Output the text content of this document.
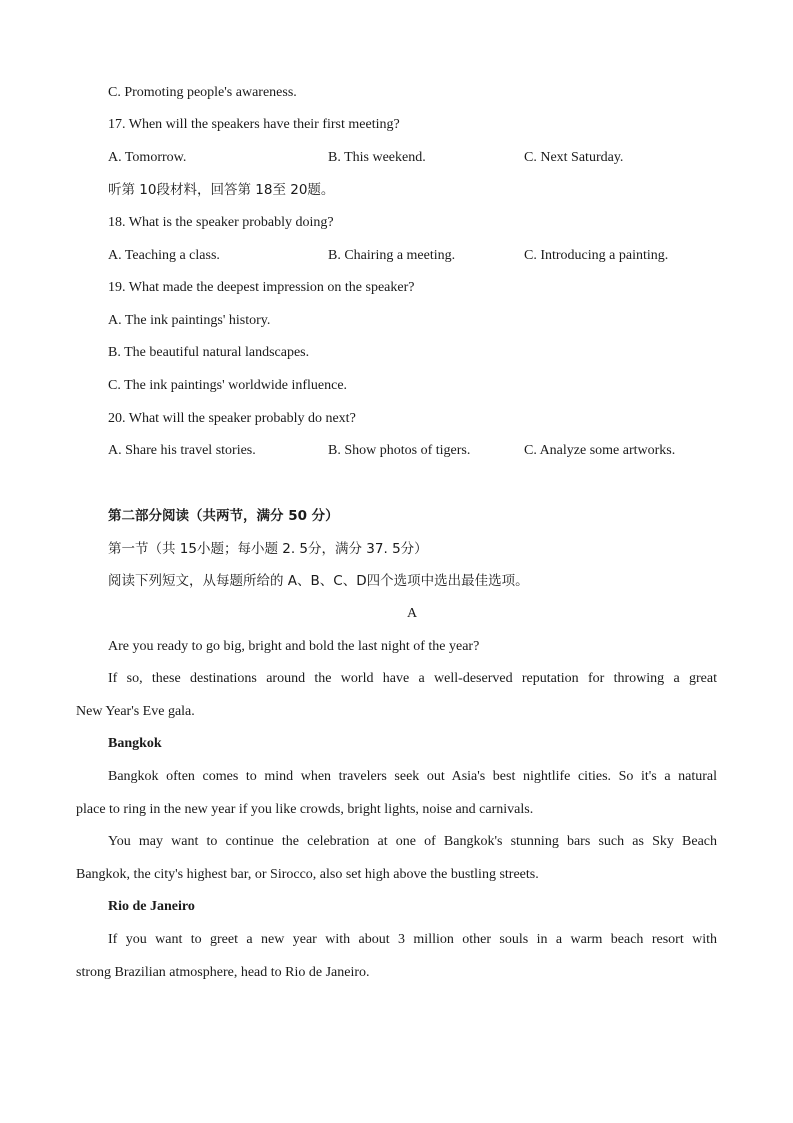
C. Promoting people's awareness.
17. When will the speakers have their first meeting?
A. Tomorrow.	B. This weekend.	C. Next Saturday.
听第 10段材料，回答第 18至 20题。
18. What is the speaker probably doing?
A. Teaching a class.	B. Chairing a meeting.	C. Introducing a painting.
19. What made the deepest impression on the speaker?
A. The ink paintings' history.
B. The beautiful natural landscapes.
C. The ink paintings' worldwide influence.
20. What will the speaker probably do next?
A. Share his travel stories.	B. Show photos of tigers.	C. Analyze some artworks.
第二部分阅读（共两节，满分 50 分）
第一节（共 15小题；每小题 2. 5分，满分 37. 5分）
阅读下列短文，从每题所给的 A、B、C、D四个选项中选出最佳选项。
A
Are you ready to go big, bright and bold the last night of the year?
If so, these destinations around the world have a well-deserved reputation for throwing a great
New Year's Eve gala.
Bangkok
Bangkok often comes to mind when travelers seek out Asia's best nightlife cities. So it's a natural
place to ring in the new year if you like crowds, bright lights, noise and carnivals.
You may want to continue the celebration at one of Bangkok's stunning bars such as Sky Beach
Bangkok, the city's highest bar, or Sirocco, also set high above the bustling streets.
Rio de Janeiro
If you want to greet a new year with about 3 million other souls in a warm beach resort with
strong Brazilian atmosphere, head to Rio de Janeiro.
